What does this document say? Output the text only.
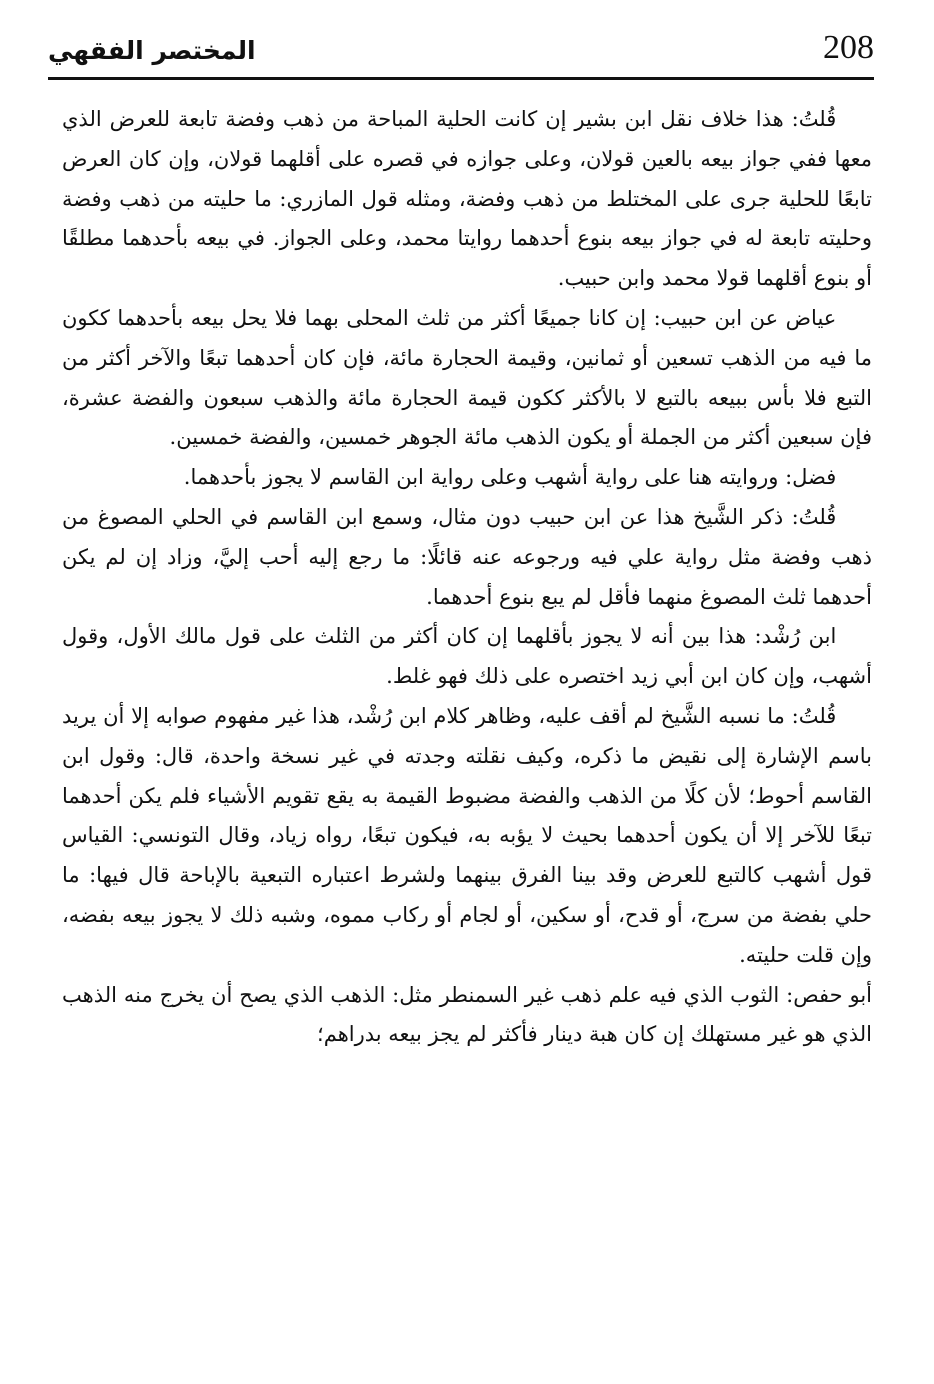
208
المختصر الفقهي

قُلتُ: هذا خلاف نقل ابن بشير إن كانت الحلية المباحة من ذهب وفضة تابعة للعرض الذي معها ففي جواز بيعه بالعين قولان، وعلى جوازه في قصره على أقلهما قولان، وإن كان العرض تابعًا للحلية جرى على المختلط من ذهب وفضة، ومثله قول المازري: ما حليته من ذهب وفضة وحليته تابعة له في جواز بيعه بنوع أحدهما روايتا محمد، وعلى الجواز. في بيعه بأحدهما مطلقًا أو بنوع أقلهما قولا محمد وابن حبيب.

عياض عن ابن حبيب: إن كانا جميعًا أكثر من ثلث المحلى بهما فلا يحل بيعه بأحدهما ككون ما فيه من الذهب تسعين أو ثمانين، وقيمة الحجارة مائة، فإن كان أحدهما تبعًا والآخر أكثر من التبع فلا بأس ببيعه بالتبع لا بالأكثر ككون قيمة الحجارة مائة والذهب سبعون والفضة عشرة، فإن سبعين أكثر من الجملة أو يكون الذهب مائة الجوهر خمسين، والفضة خمسين.

فضل: وروايته هنا على رواية أشهب وعلى رواية ابن القاسم لا يجوز بأحدهما.

قُلتُ: ذكر الشَّيخ هذا عن ابن حبيب دون مثال، وسمع ابن القاسم في الحلي المصوغ من ذهب وفضة مثل رواية علي فيه ورجوعه عنه قائلًا: ما رجع إليه أحب إليَّ، وزاد إن لم يكن أحدهما ثلث المصوغ منهما فأقل لم يبع بنوع أحدهما.

ابن رُشْد: هذا بين أنه لا يجوز بأقلهما إن كان أكثر من الثلث على قول مالك الأول، وقول أشهب، وإن كان ابن أبي زيد اختصره على ذلك فهو غلط.

قُلتُ: ما نسبه الشَّيخ لم أقف عليه، وظاهر كلام ابن رُشْد، هذا غير مفهوم صوابه إلا أن يريد باسم الإشارة إلى نقيض ما ذكره، وكيف نقلته وجدته في غير نسخة واحدة، قال: وقول ابن القاسم أحوط؛ لأن كلًا من الذهب والفضة مضبوط القيمة به يقع تقويم الأشياء فلم يكن أحدهما تبعًا للآخر إلا أن يكون أحدهما بحيث لا يؤبه به، فيكون تبعًا، رواه زياد، وقال التونسي: القياس قول أشهب كالتبع للعرض وقد بينا الفرق بينهما ولشرط اعتباره التبعية بالإباحة قال فيها: ما حلي بفضة من سرج، أو قدح، أو سكين، أو لجام أو ركاب مموه، وشبه ذلك لا يجوز بيعه بفضه، وإن قلت حليته.

أبو حفص: الثوب الذي فيه علم ذهب غير السمنطر مثل: الذهب الذي يصح أن يخرج منه الذهب الذي هو غير مستهلك إن كان هبة دينار فأكثر لم يجز بيعه بدراهم؛
